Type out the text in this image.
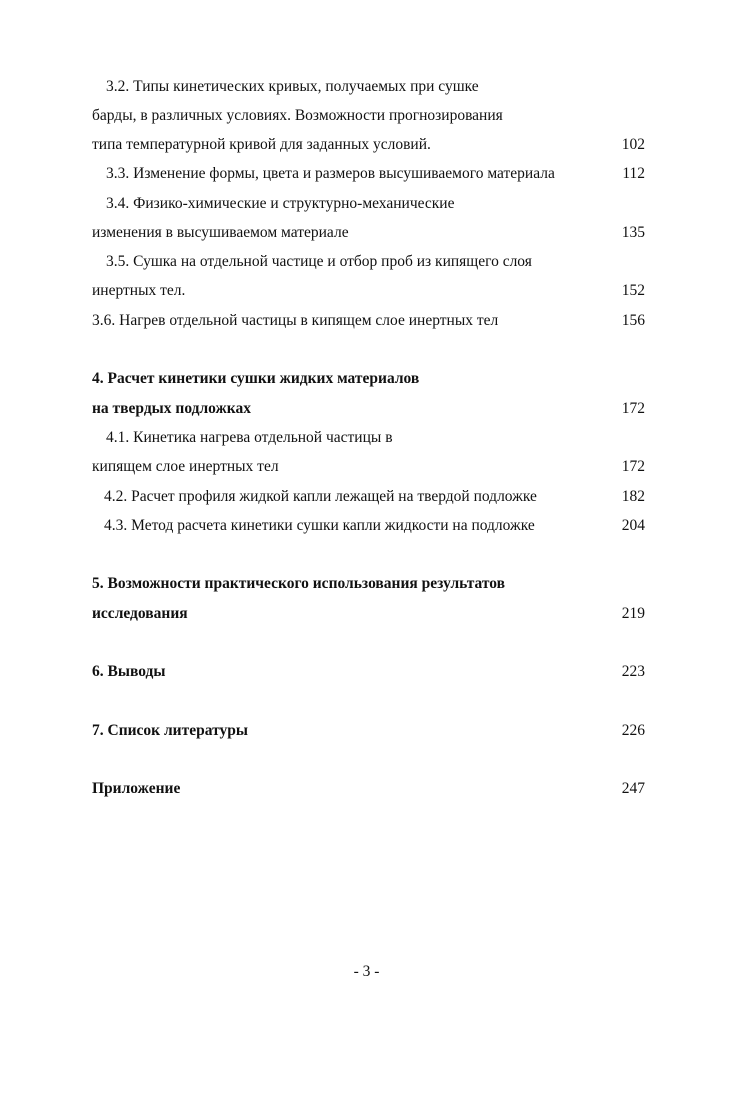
3.2. Типы кинетических кривых, получаемых при сушке
барды, в различных условиях. Возможности прогнозирования
типа температурной кривой для заданных условий.	102
3.3. Изменение формы, цвета и размеров высушиваемого материала	112
3.4. Физико-химические и структурно-механические
изменения в высушиваемом материале	135
3.5. Сушка на отдельной частице и отбор проб из кипящего слоя
инертных тел.	152
3.6. Нагрев отдельной частицы в кипящем слое инертных тел	156
4. Расчет кинетики сушки жидких материалов
на твердых подложках	172
4.1. Кинетика нагрева отдельной частицы в
кипящем слое инертных тел	172
4.2. Расчет профиля жидкой капли лежащей на твердой подложке	182
4.3. Метод расчета кинетики сушки капли жидкости на подложке	204
5. Возможности практического использования результатов
исследования	219
6. Выводы	223
7. Список литературы	226
Приложение	247
- 3 -
